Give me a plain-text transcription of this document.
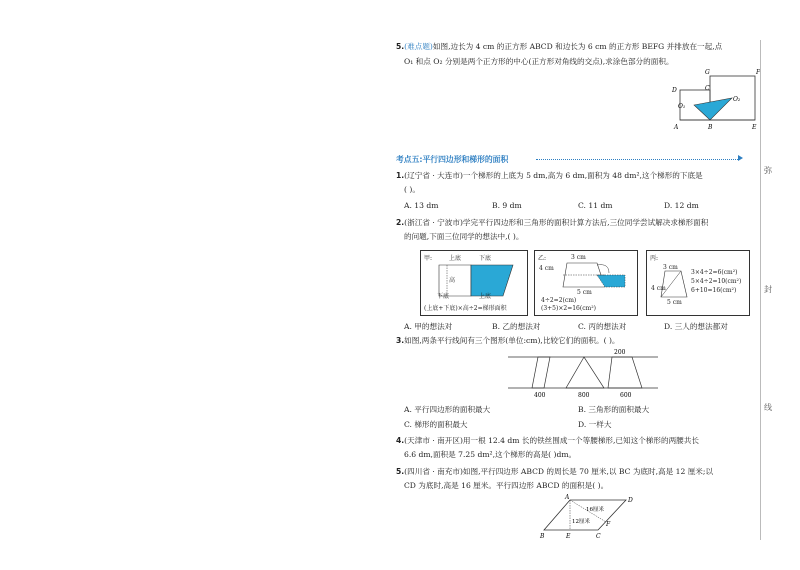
5.(难点题)如图,边长为 4 cm 的正方形 ABCD 和边长为 6 cm 的正方形 BEFG 并排放在一起,点
O₁ 和点 O₂ 分别是两个正方形的中心(正方形对角线的交点),求涂色部分的面积。
G	F
D	C
O₁
O₂
A	B	E
考点五:平行四边形和梯形的面积
1.(辽宁省 · 大连市)一个梯形的上底为 5 dm,高为 6 dm,面积为 48 dm²,这个梯形的下底是
( )。
A. 13 dm	B. 9 dm	C. 11 dm	D. 12 dm
2.(浙江省 · 宁波市)学完平行四边形和三角形的面积计算方法后,三位同学尝试解决求梯形面积
的问题,下面三位同学的想法中,( )。
甲:	上底	下底
高
下底	上底
(上底+下底)×高÷2=梯形面积
乙:	3 cm
4 cm
5 cm
4÷2=2(cm)
(3+5)×2=16(cm²)
丙:
3 cm
4 cm
5 cm
3×4÷2=6(cm²)
5×4÷2=10(cm²)
6+10=16(cm²)
A. 甲的想法对	B. 乙的想法对	C. 丙的想法对	D. 三人的想法都对
3.如图,两条平行线间有三个图形(单位:cm),比较它们的面积。( )。
200
400	800	600
A. 平行四边形的面积最大	B. 三角形的面积最大
C. 梯形的面积最大	D. 一样大
4.(天津市 · 南开区)用一根 12.4 dm 长的铁丝围成一个等腰梯形,已知这个梯形的两腰共长
6.6 dm,面积是 7.25 dm²,这个梯形的高是( )dm。
5.(四川省 · 南充市)如图,平行四边形 ABCD 的周长是 70 厘米,以 BC 为底时,高是 12 厘米;以
CD 为底时,高是 16 厘米。平行四边形 ABCD 的面积是( )。
A	D
16厘米
12厘米	F
B	E	C
弥
封
线
